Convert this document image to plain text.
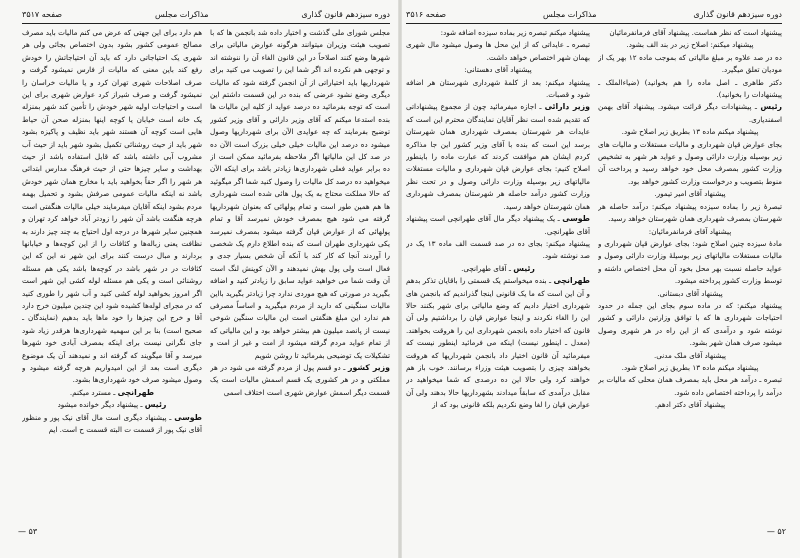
دوره سیزدهم قانون گذاری
مذاکرات مجلس
صفحه ۳۵۱۷

مجلس شورای ملی گذشت و اختیار داده شد بانجمن ها که با تصویب هیئت وزیران میتوانند هرگونه عوارض مالیاتی برای شهرها وضع کنند اصلاحاً در این قانون الغاء آن را ننوشته اند و توجهی هم نکرده اند اگر شما این را تصویب می کنید برای شهرداریها باید اختیاراتی از آن انجمن گرفته شود که مالیات دیگری وضع نشود عرضی که بنده در این قسمت داشتم این است که توجه بفرمائید ده درصد عواید از کلیه این مالیات ها بنده استدعا میکنم که آقای وزیر دارائی و آقای وزیر کشور توضیح بفرمایند که چه عوایدی الآن برای شهرداریها وصول میشود ده درصد این مالیات خیلی خیلی بزرک است الآن ده در صد کل این مالیاتها اگر ملاحظه بفرمائید ممکن است از ده برابر عواید فعلی شهرداری‌ها زیادتر باشد برای اینکه الآن میخواهید ده درصد کل مالیات را وصول کنید شما اگر میگوئید که حالا مملکت محتاج به یک پول هائی شده است شهرداری ها هم همین طور است و تمام پولهائی که بعنوان شهرداریها گرفته می شود هیچ بمصرف خودش نمیرسد آقا و تمام پولهائی که از عوارض قپان گرفته میشود بمصرف نمیرسد یکی شهرداری طهران است که بنده اطلاع دارم یک شخصی را آوردند آنجا که کار کند با آنکه آن شخص بسیار جدی و فعال است ولی پول بهش نمیدهند و الآن کوپنش لنگ است آن وقت شما می خواهید عواید سابق را زیادتر کنید و اضافه بگیرید در صورتی که هیچ موردی ندارد چرا زیادتر بگیرید بااین مالیات سنگینی که دارید از مردم میگیرید و اساساً مصرفی هم ندارد این مبلغ هنگفتی است این مالیات سنگین شوخی نیست از پانصد میلیون هم بیشتر خواهد بود و این مالیاتی که از تمام عواید مردم گرفته میشود از امت و غیر از امت و تشکیلات یک توضیحی بفرمائید تا روشن شویم

وزیر کشور ـ دو قسم پول از مردم گرفته می شود در هر مملکتی و در هر کشوری یک قسم اسمش مالیات است یک قسمت دیگر اسمش عوارض شهری است اختلاف اسمی

هم دارد برای این جهتی که عرض می کنم مالیات باید مصرف مصالح عمومی کشور بشود بدون اختصاص بجائی ولی هر شهری یک احتیاجاتی دارد که باید آن احتیاجاتش را خودش رفع کند باین معنی که مالیات از فارس نمیشود گرفت و صرف اصلاحات شهری تهران کرد و یا مالیات خراسان را نمیشود گرفت و صرف شیراز کرد عوارض شهری برای این است و احتیاجات اولیه شهر خودش را تأمین کند شهر بمنزله یک خانه است خیابان یا کوچه اینها بمنزله صحن آن حیاط هایی است کوچه آن هستند شهر باید نظیف و پاکیزه بشود شهر باید از حیث روشنائی تکمیل بشود شهر باید از حیث آب مشروب آبی داشته باشد که قابل استفاده باشد از حیث بهداشت و سایر چیزها حتی از حیث فرهنگ مدارس ابتدائی هر شهر را اگر حقاً بخواهید باید با مخارج همان شهر خودش باشد نه اینکه مالیات عمومی صرفش بشود و تحمیل بهمه مردم بشود اینکه آقایان میفرمایند خیلی مالیات هنگفتی است هرچه هنگفت باشد آن شهر را زودتر آباد خواهد کرد تهران و همچنین سایر شهرها در درجه اول احتیاج به چند چیز دارند به نظافت یعنی زباله‌ها و کثافات را از این کوچه‌ها و خیابانها بردارند و مبال درست کنند برای این شهر نه این که این کثافات در در شهر باشد در کوچه‌ها باشد یکی هم مسئله روشنائی است و یکی هم مسئله لوله کشی این شهر است اگر امروز بخواهید لوله کشی کنید و آب شهر را طوری کنید که در مجرای لوله‌ها کشیده شود این چندین میلیون خرج دارد آقا و خرج این چیزها را خود ماها باید بدهیم (نمایندگان ـ صحیح است) بنا بر این سهمیه شهرداری‌ها هرقدر زیاد شود جای نگرانی نیست برای اینکه بمصرف آبادی خود شهرها میرسد و آقا میگویند که گرفته اند و نمیدهند آن یک موضوع دیگری است بعد از این امیدواریم هرچه گرفته میشود و وصول میشود صرف خود شهرداری‌ها بشود.

طهرانچی ـ مسترد میکنم.

رئیس ـ پیشنهاد دیگر خوانده میشود

طوسی ـ پیشنهاد دیگری است مال آقای نیک پور و منظور آقای نیک پور از قسمت ت البته قسمت ح است. ایم

— ۵۳
دوره سیزدهم قانون گذاری
مذاکرات مجلس
صفحه ۳۵۱۶

پیشنهاد است که نظر هماست. پیشنهاد آقای فرمانفرمائیان

پیشنهاد میکنم: اصلاح زیر در بند الف بشود.

ده در صد علاوه بر مبلغ مالیاتی که بموجب ماده ۱۲ بهر یک از مودیان تعلق میگیرد.

دکتر طاهری ـ اصل ماده را هم بخوانید) (ضیاءالملک ـ پیشنهادات را بخوانید).

رئیس ـ پیشنهادات دیگر قرائت میشود. پیشنهاد آقای بهمن اسفندیاری.

پیشنهاد میکنم ماده ۱۳ بطریق زیر اصلاح شود.

بجای عوارض قپان شهرداری و مالیات مستغلات و مالیات های زیر بوسیله وزارت دارائی وصول و عواید هر شهر به تشخیص وزارت کشور بمصرف محل خود خواهد رسید و پرداخت آن منوط بتصویب و درخواست وزارت کشور خواهد بود.

پیشنهاد آقای امیر تیمور.

تبصرهٔ زیر را بماده سیزده پیشنهاد میکنم: درآمد حاصله هر شهرستان بمصرف شهرداری همان شهرستان خواهد رسید.

پیشنهاد آقای فرمانفرمائیان:

مادهٔ سیزده چنین اصلاح شود: بجای عوارض قپان شهرداری و مالیات مستغلات مالیاتهای زیر بوسیلهٔ وزارت دارائی وصول و عواید حاصله نسبت بهر محل بخود آن محل اختصاص داشته و توسط وزارت کشور پرداخته میشود.

پیشنهاد آقای دبستانی.

پیشنهاد میکنم: که در ماده سوم بجای این جمله در حدود احتیاجات شهرداری ها که با توافق وزارتین دارائی و کشور نوشته شود و درآمدی که از این راه در هر شهری وصول میشود صرف همان شهر بشود.

پیشنهاد آقای ملک مدنی.

پیشنهاد میکنم ماده ۱۳ بطریق زیر اصلاح شود.

تبصره ـ درآمد هر محل باید بمصرف همان محلی که مالیات بر درآمد را پرداخته اختصاص داده شود.

پیشنهاد آقای دکتر ادهم.

پیشنهاد میکنم تبصره زیر بماده سیزده اضافه شود:

تبصره ـ عایداتی که از این محل ها وصول میشود مال شهری بهمان شهر اختصاص خواهد داشت.

پیشنهاد آقای دهستانی:

پیشنهاد میکنم: بعد از کلمهٔ شهرداری شهرستان هر اضافه شود و قصبات.

وزیر دارائی ـ اجازه میفرمائید چون از مجموع پیشنهاداتی که تقدیم شده است نظر آقایان نمایندگان محترم این است که عایدات هر شهرستان بمصرف شهرداری همان شهرستان برسد این است که بنده با آقای وزیر کشور این جا مذاکره کردم ایشان هم موافقت کردند که عبارت ماده را باینطور اصلاح کنیم: بجای عوارض قپان شهرداری و مالیات مستغلات مالیاتهای زیر بوسیله وزارت دارائی وصول و در تحت نظر وزارت کشور درآمد حاصله هر شهرستان بمصرف شهرداری همان شهرستان خواهد رسید.

طوسی ـ یک پیشنهاد دیگر مال آقای طهرانچی است پیشنهاد آقای طهرانچی.

پیشنهاد میکنم: بجای ده در صد قسمت الف ماده ۱۳ یک در صد نوشته شود.

رئیس ـ آقای طهرانچی.

طهرانچی ـ بنده میخواستم یک قسمتی را باقایان تذکر بدهم و آن این است که ما یک قانونی اینجا گذراندیم که بانجمن های شهرداری اختیار دادیم که وضع مالیاتی برای شهر بکنند حالا این را الغاء نکردند و اینجا عوارض قپان را برداشتیم ولی آن قانون که اختیار داده بانجمن شهرداری این را هروقت بخواهند. (معدل ـ اینطور نیست) اینکه می فرمائید اینطور نیست که میفرمائید آن قانون اختیار داد بانجمن شهرداریها که هروقت بخواهند چیزی را بتصویب هیئت وزراء برسانند. خوب باز هم خواهند کرد ولی حالا این ده درصدی که شما میخواهید در مقابل درآمدی که سابقاً میدادند بشهرداریها حالا بدهند ولی آن عوارض قپان را لغا وضع نکردیم بلکه قانونی بود که از

— ۵۲
